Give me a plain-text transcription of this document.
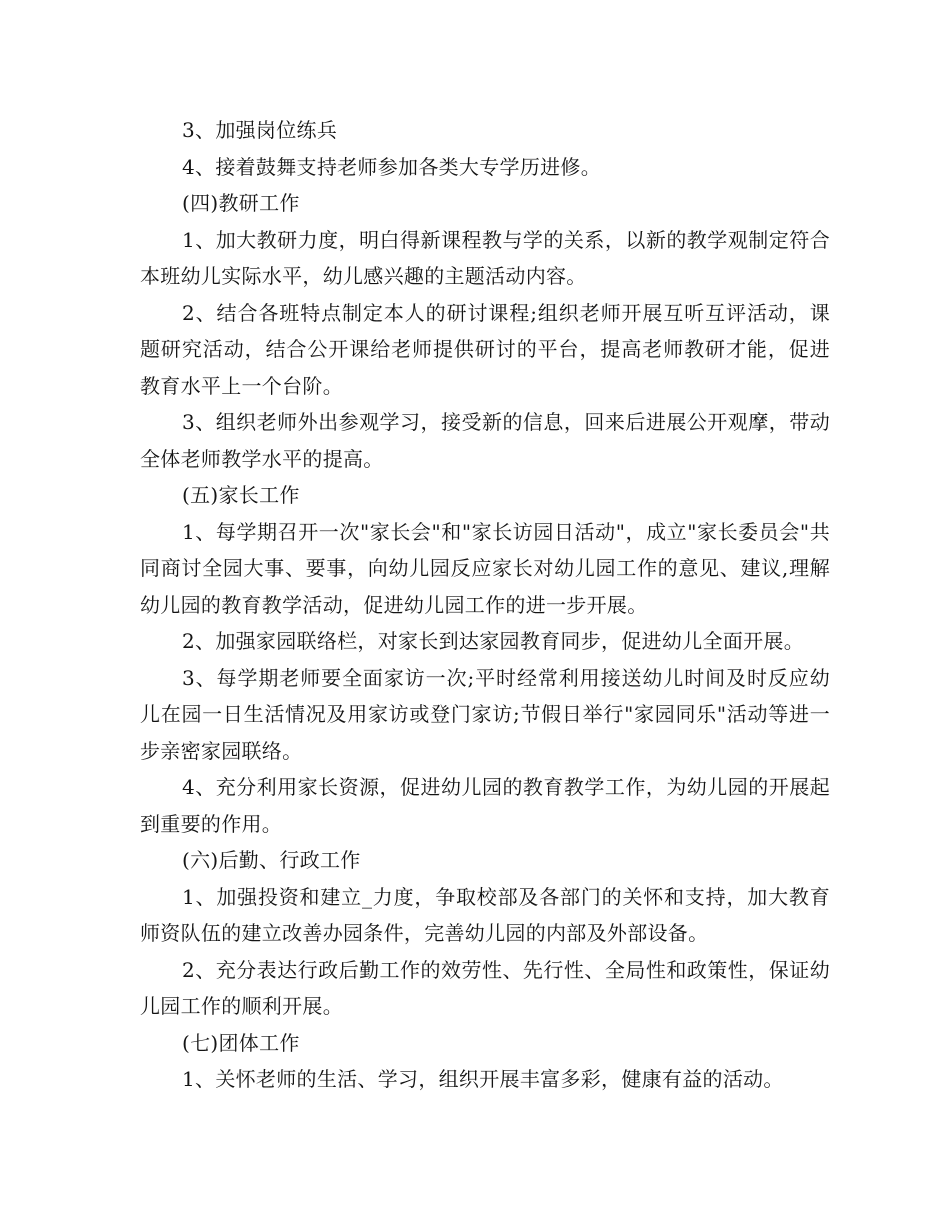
3、加强岗位练兵

4、接着鼓舞支持老师参加各类大专学历进修。

(四)教研工作

1、加大教研力度，明白得新课程教与学的关系，以新的教学观制定符合本班幼儿实际水平，幼儿感兴趣的主题活动内容。

2、结合各班特点制定本人的研讨课程;组织老师开展互听互评活动，课题研究活动，结合公开课给老师提供研讨的平台，提高老师教研才能，促进教育水平上一个台阶。

3、组织老师外出参观学习，接受新的信息，回来后进展公开观摩，带动全体老师教学水平的提高。

(五)家长工作

1、每学期召开一次"家长会"和"家长访园日活动"，成立"家长委员会"共同商讨全园大事、要事，向幼儿园反应家长对幼儿园工作的意见、建议,理解幼儿园的教育教学活动，促进幼儿园工作的进一步开展。

2、加强家园联络栏，对家长到达家园教育同步，促进幼儿全面开展。

3、每学期老师要全面家访一次;平时经常利用接送幼儿时间及时反应幼儿在园一日生活情况及用家访或登门家访;节假日举行"家园同乐"活动等进一步亲密家园联络。

4、充分利用家长资源，促进幼儿园的教育教学工作，为幼儿园的开展起到重要的作用。

(六)后勤、行政工作

1、加强投资和建立_力度，争取校部及各部门的关怀和支持，加大教育师资队伍的建立改善办园条件，完善幼儿园的内部及外部设备。

2、充分表达行政后勤工作的效劳性、先行性、全局性和政策性，保证幼儿园工作的顺利开展。

(七)团体工作

1、关怀老师的生活、学习，组织开展丰富多彩，健康有益的活动。
